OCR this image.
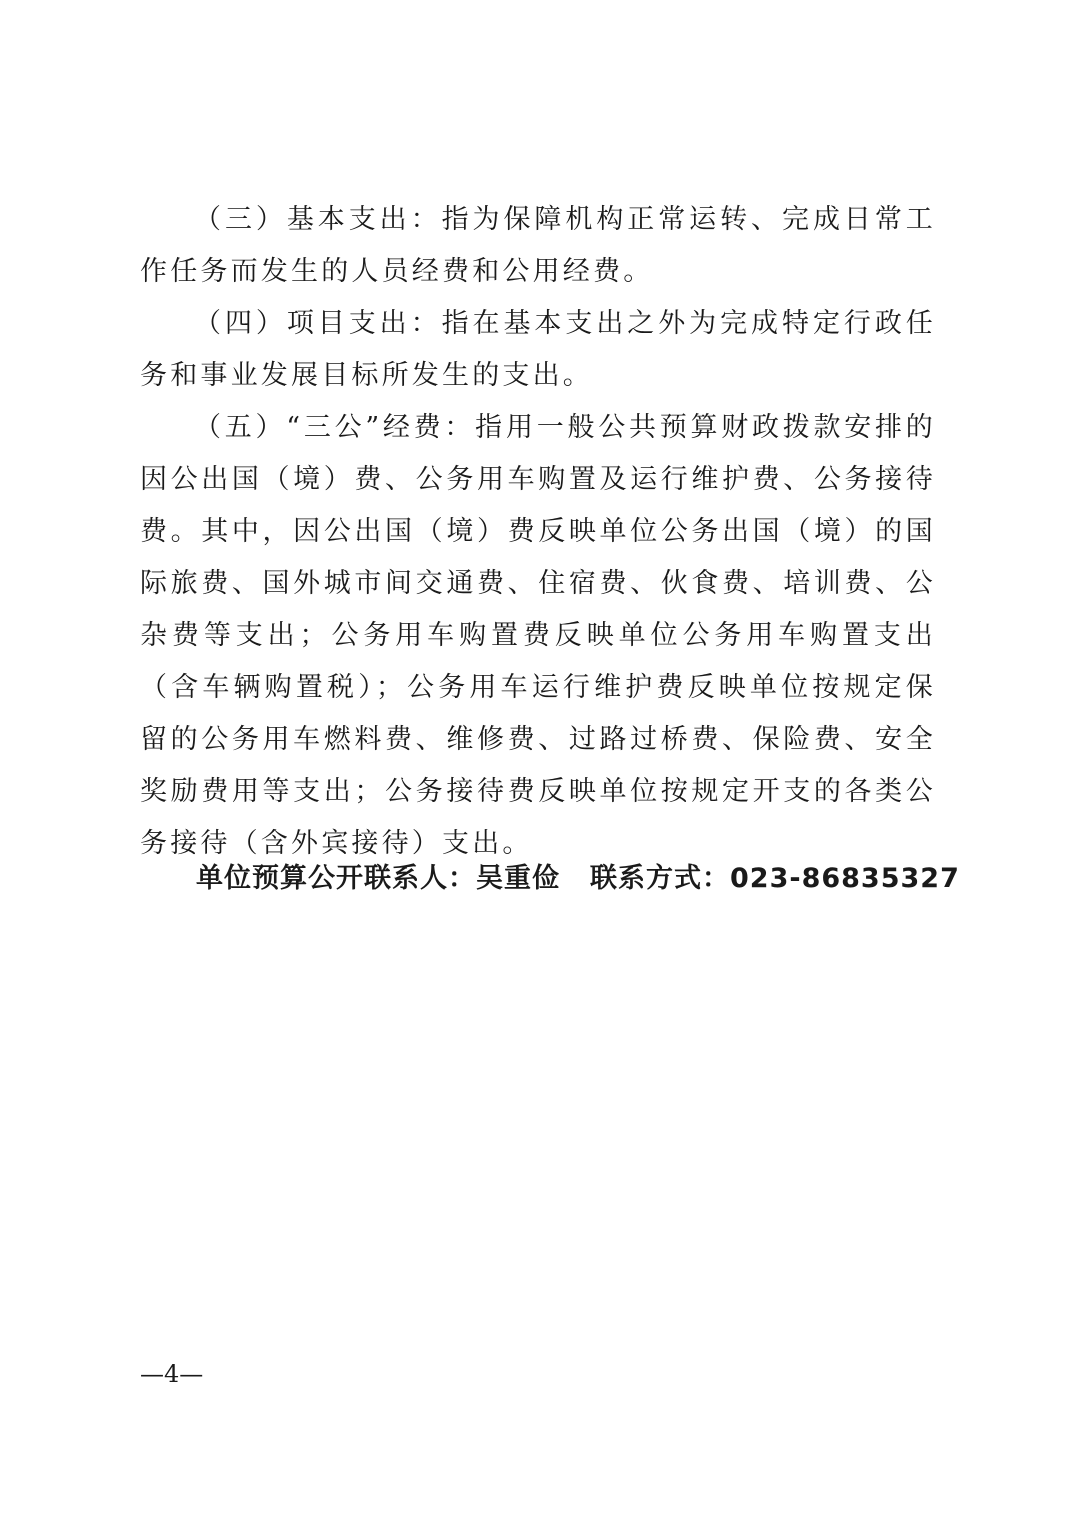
（三）基本支出：指为保障机构正常运转、完成日常工作任务而发生的人员经费和公用经费。

（四）项目支出：指在基本支出之外为完成特定行政任务和事业发展目标所发生的支出。

（五）“三公”经费：指用一般公共预算财政拨款安排的因公出国（境）费、公务用车购置及运行维护费、公务接待费。其中，因公出国（境）费反映单位公务出国（境）的国际旅费、国外城市间交通费、住宿费、伙食费、培训费、公杂费等支出；公务用车购置费反映单位公务用车购置支出（含车辆购置税）；公务用车运行维护费反映单位按规定保留的公务用车燃料费、维修费、过路过桥费、保险费、安全奖励费用等支出；公务接待费反映单位按规定开支的各类公务接待（含外宾接待）支出。

单位预算公开联系人：吴重俭 联系方式：023-86835327
—4—
